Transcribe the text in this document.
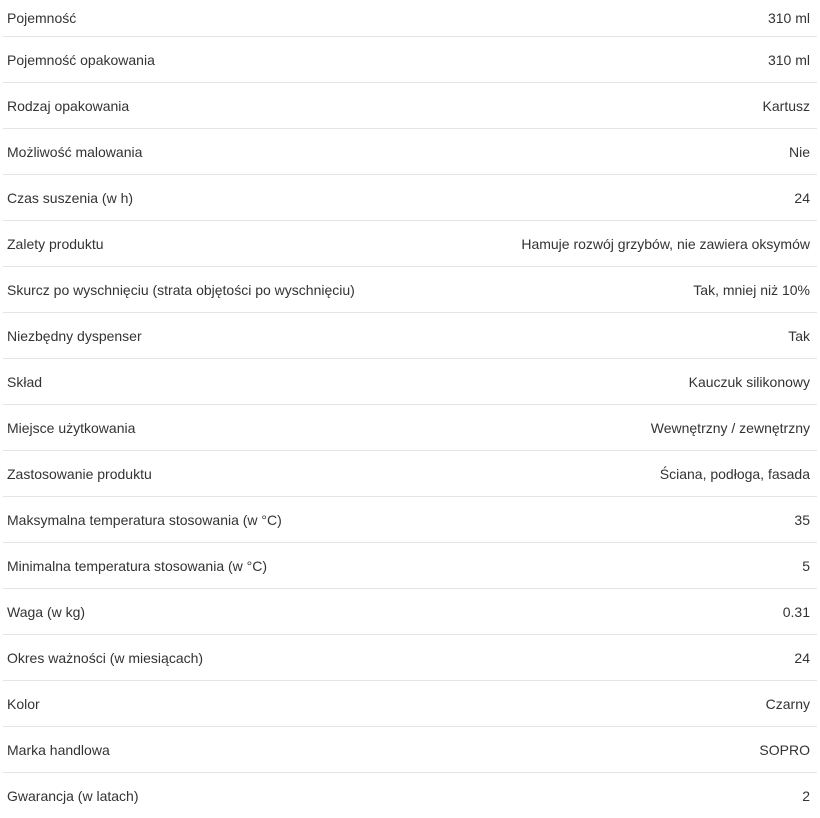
Pojemność	310 ml
Pojemność opakowania	310 ml
Rodzaj opakowania	Kartusz
Możliwość malowania	Nie
Czas suszenia (w h)	24
Zalety produktu	Hamuje rozwój grzybów, nie zawiera oksymów
Skurcz po wyschnięciu (strata objętości po wyschnięciu)	Tak, mniej niż 10%
Niezbędny dyspenser	Tak
Skład	Kauczuk silikonowy
Miejsce użytkowania	Wewnętrzny / zewnętrzny
Zastosowanie produktu	Ściana, podłoga, fasada
Maksymalna temperatura stosowania (w °C)	35
Minimalna temperatura stosowania (w °C)	5
Waga (w kg)	0.31
Okres ważności (w miesiącach)	24
Kolor	Czarny
Marka handlowa	SOPRO
Gwarancja (w latach)	2
